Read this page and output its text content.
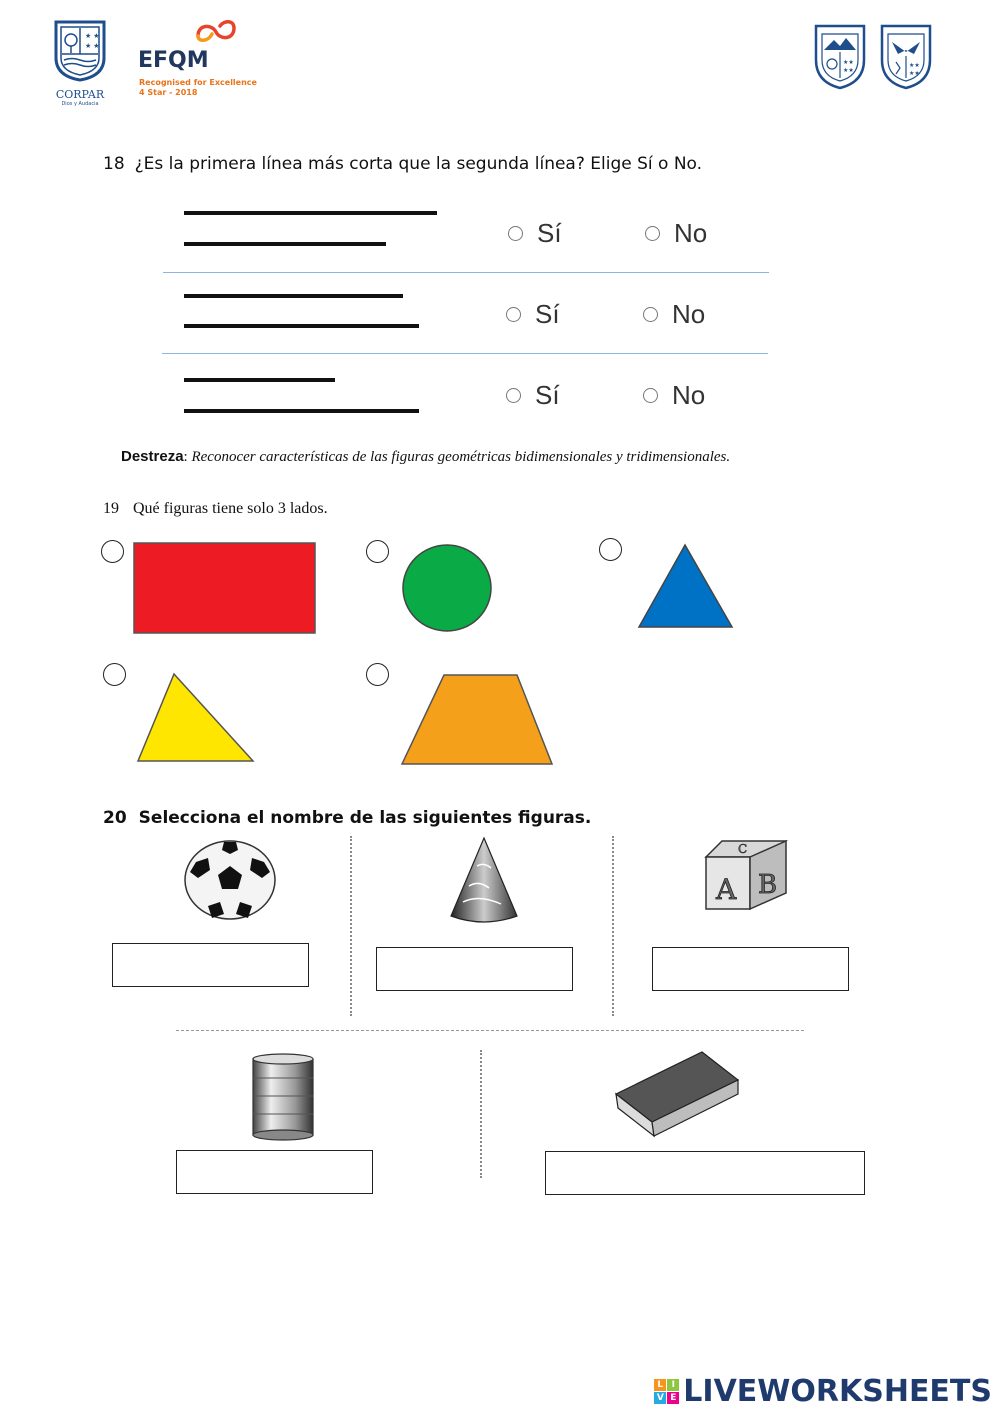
★ ★
★ ★
CORPAR
Dios y Audacia
EFQM
Recognised for Excellence
4 Star - 2018
★★
★★
★★
★★
18 ¿Es la primera línea más corta que la segunda línea? Elige Sí o No.
Sí	No
Sí	No
Sí	No
Destreza: Reconocer características de las figuras geométricas bidimensionales y tridimensionales.
19 Qué figuras tiene solo 3 lados.
20 Selecciona el nombre de las siguientes figuras.
A B
C
L I
V E LIVEWORKSHEETS
